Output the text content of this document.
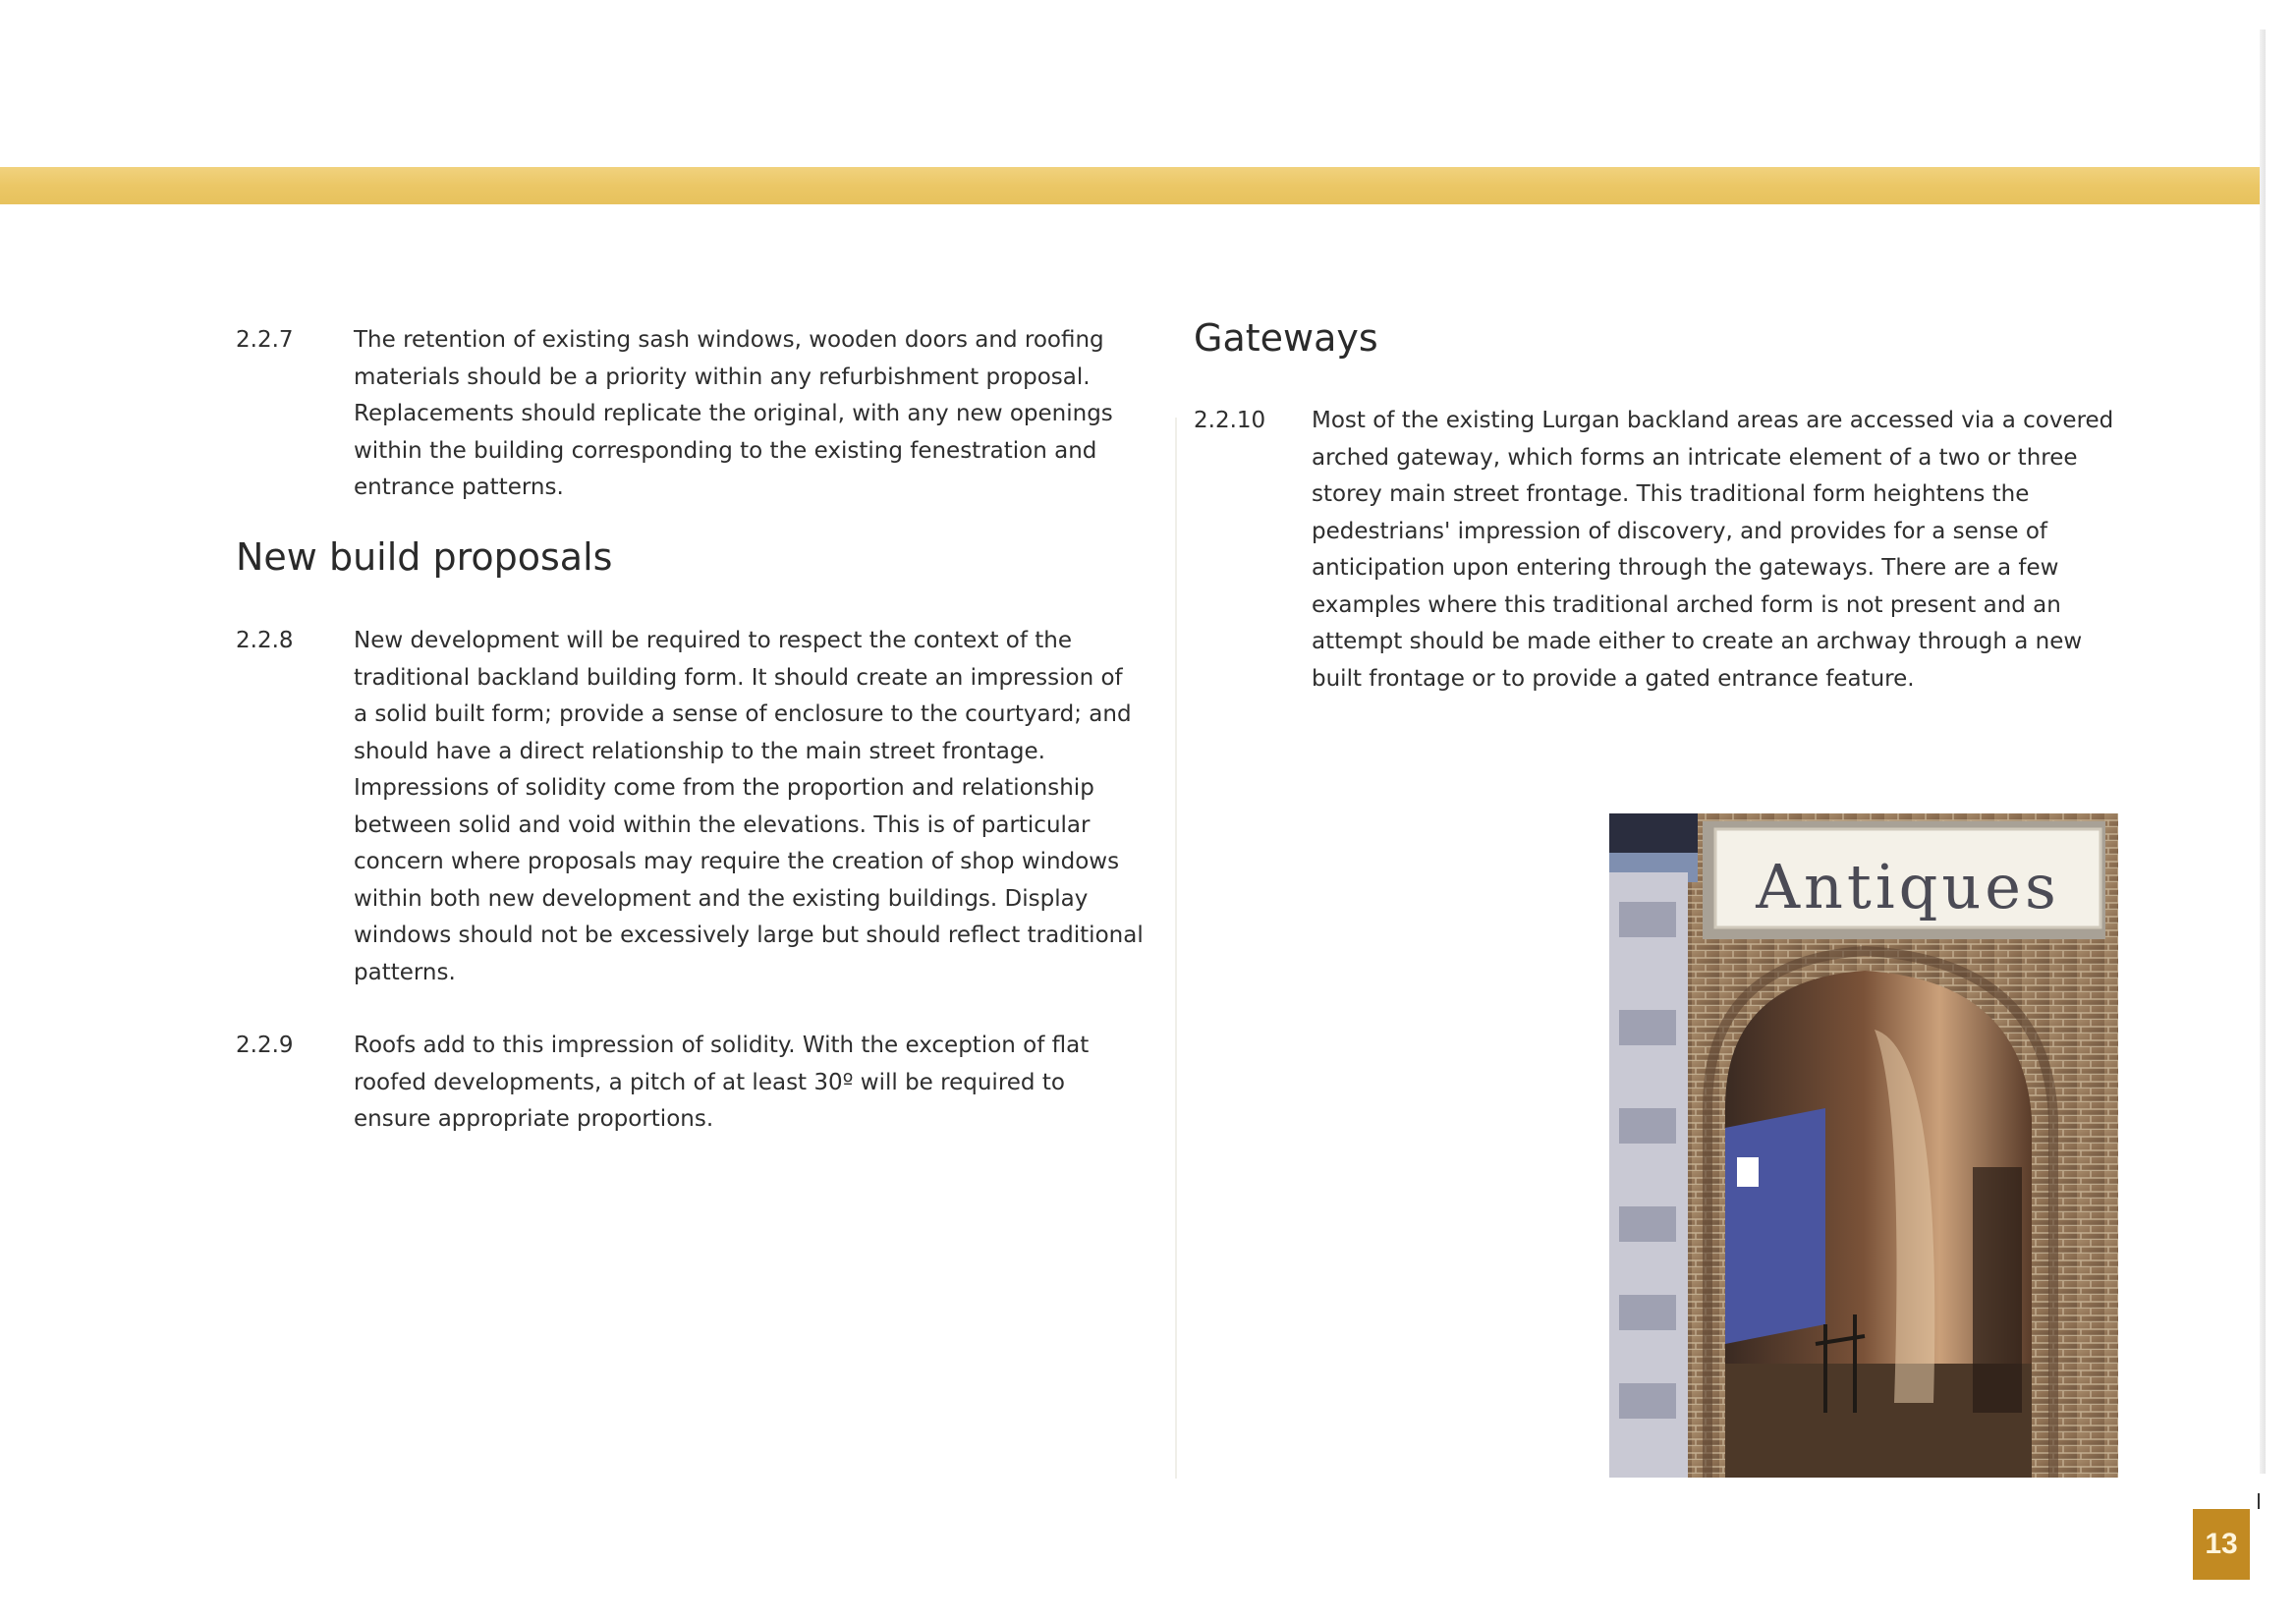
2.2.7	The retention of existing sash windows, wooden doors and roofing
materials should be a priority within any refurbishment proposal.
Replacements should replicate the original, with any new openings
within the building corresponding to the existing fenestration and
entrance patterns.
New build proposals
2.2.8	New development will be required to respect the context of the
traditional backland building form. It should create an impression of
a solid built form; provide a sense of enclosure to the courtyard; and
should have a direct relationship to the main street frontage.
Impressions of solidity come from the proportion and relationship
between solid and void within the elevations. This is of particular
concern where proposals may require the creation of shop windows
within both new development and the existing buildings. Display
windows should not be excessively large but should reflect traditional
patterns.
2.2.9	Roofs add to this impression of solidity. With the exception of flat
roofed developments, a pitch of at least 30º will be required to
ensure appropriate proportions.
Gateways
2.2.10 Most of the existing Lurgan backland areas are accessed via a covered
arched gateway, which forms an intricate element of a two or three
storey main street frontage. This traditional form heightens the
pedestrians' impression of discovery, and provides for a sense of
anticipation upon entering through the gateways. There are a few
examples where this traditional arched form is not present and an
attempt should be made either to create an archway through a new
built frontage or to provide a gated entrance feature.
Antiques
13
